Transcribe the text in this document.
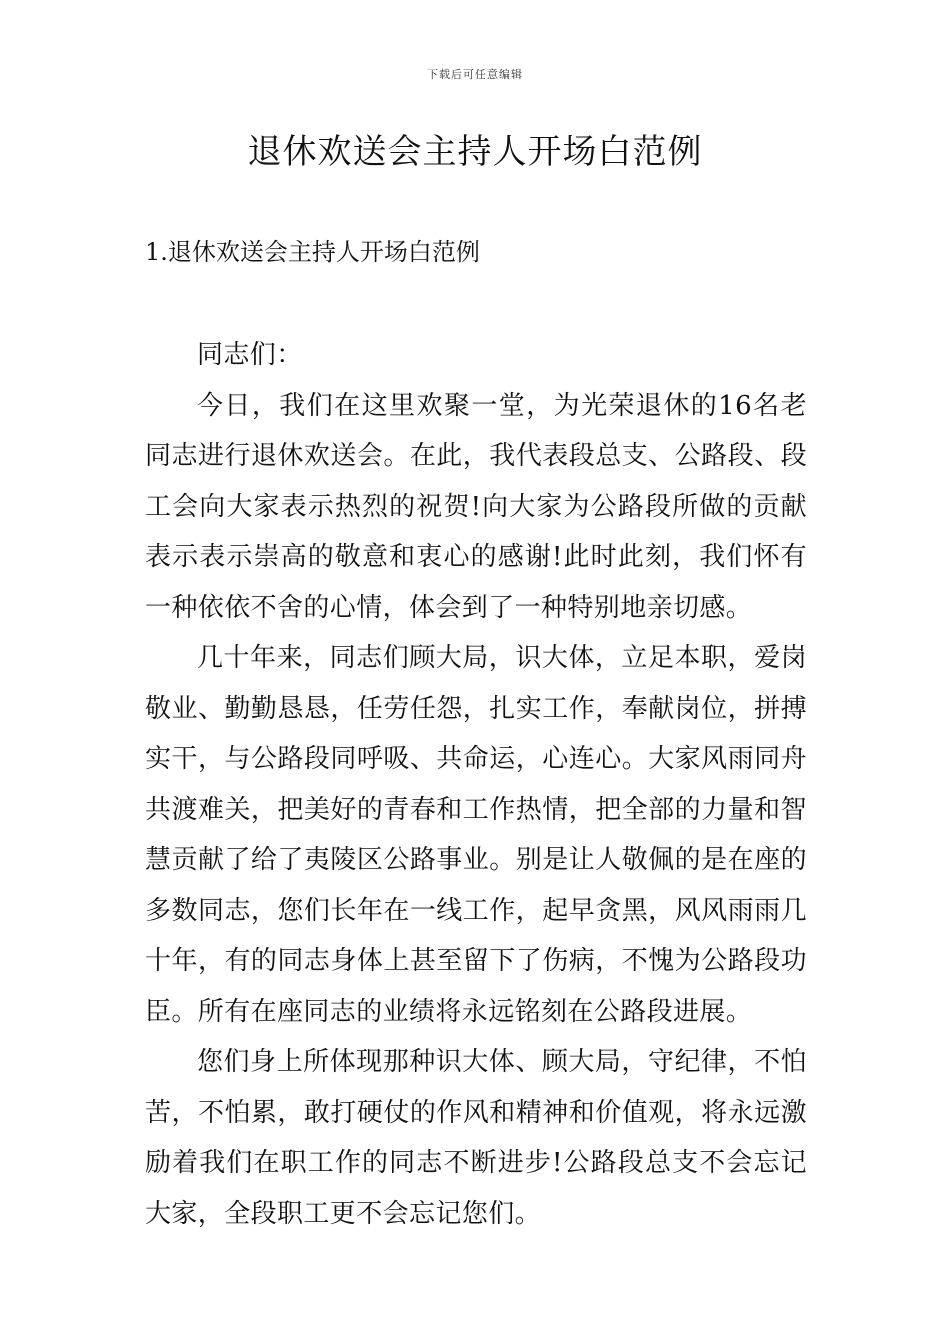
下载后可任意编辑
退休欢送会主持人开场白范例
1.退休欢送会主持人开场白范例

同志们：

今日，我们在这里欢聚一堂，为光荣退休的16名老同志进行退休欢送会。在此，我代表段总支、公路段、段工会向大家表示热烈的祝贺!向大家为公路段所做的贡献表示表示崇高的敬意和衷心的感谢!此时此刻，我们怀有一种依依不舍的心情，体会到了一种特别地亲切感。

几十年来，同志们顾大局，识大体，立足本职，爱岗敬业、勤勤恳恳，任劳任怨，扎实工作，奉献岗位，拼搏实干，与公路段同呼吸、共命运，心连心。大家风雨同舟共渡难关，把美好的青春和工作热情，把全部的力量和智慧贡献了给了夷陵区公路事业。别是让人敬佩的是在座的多数同志，您们长年在一线工作，起早贪黑，风风雨雨几十年，有的同志身体上甚至留下了伤病，不愧为公路段功臣。所有在座同志的业绩将永远铭刻在公路段进展。

您们身上所体现那种识大体、顾大局，守纪律，不怕苦，不怕累，敢打硬仗的作风和精神和价值观，将永远激励着我们在职工作的同志不断进步!公路段总支不会忘记大家，全段职工更不会忘记您们。
